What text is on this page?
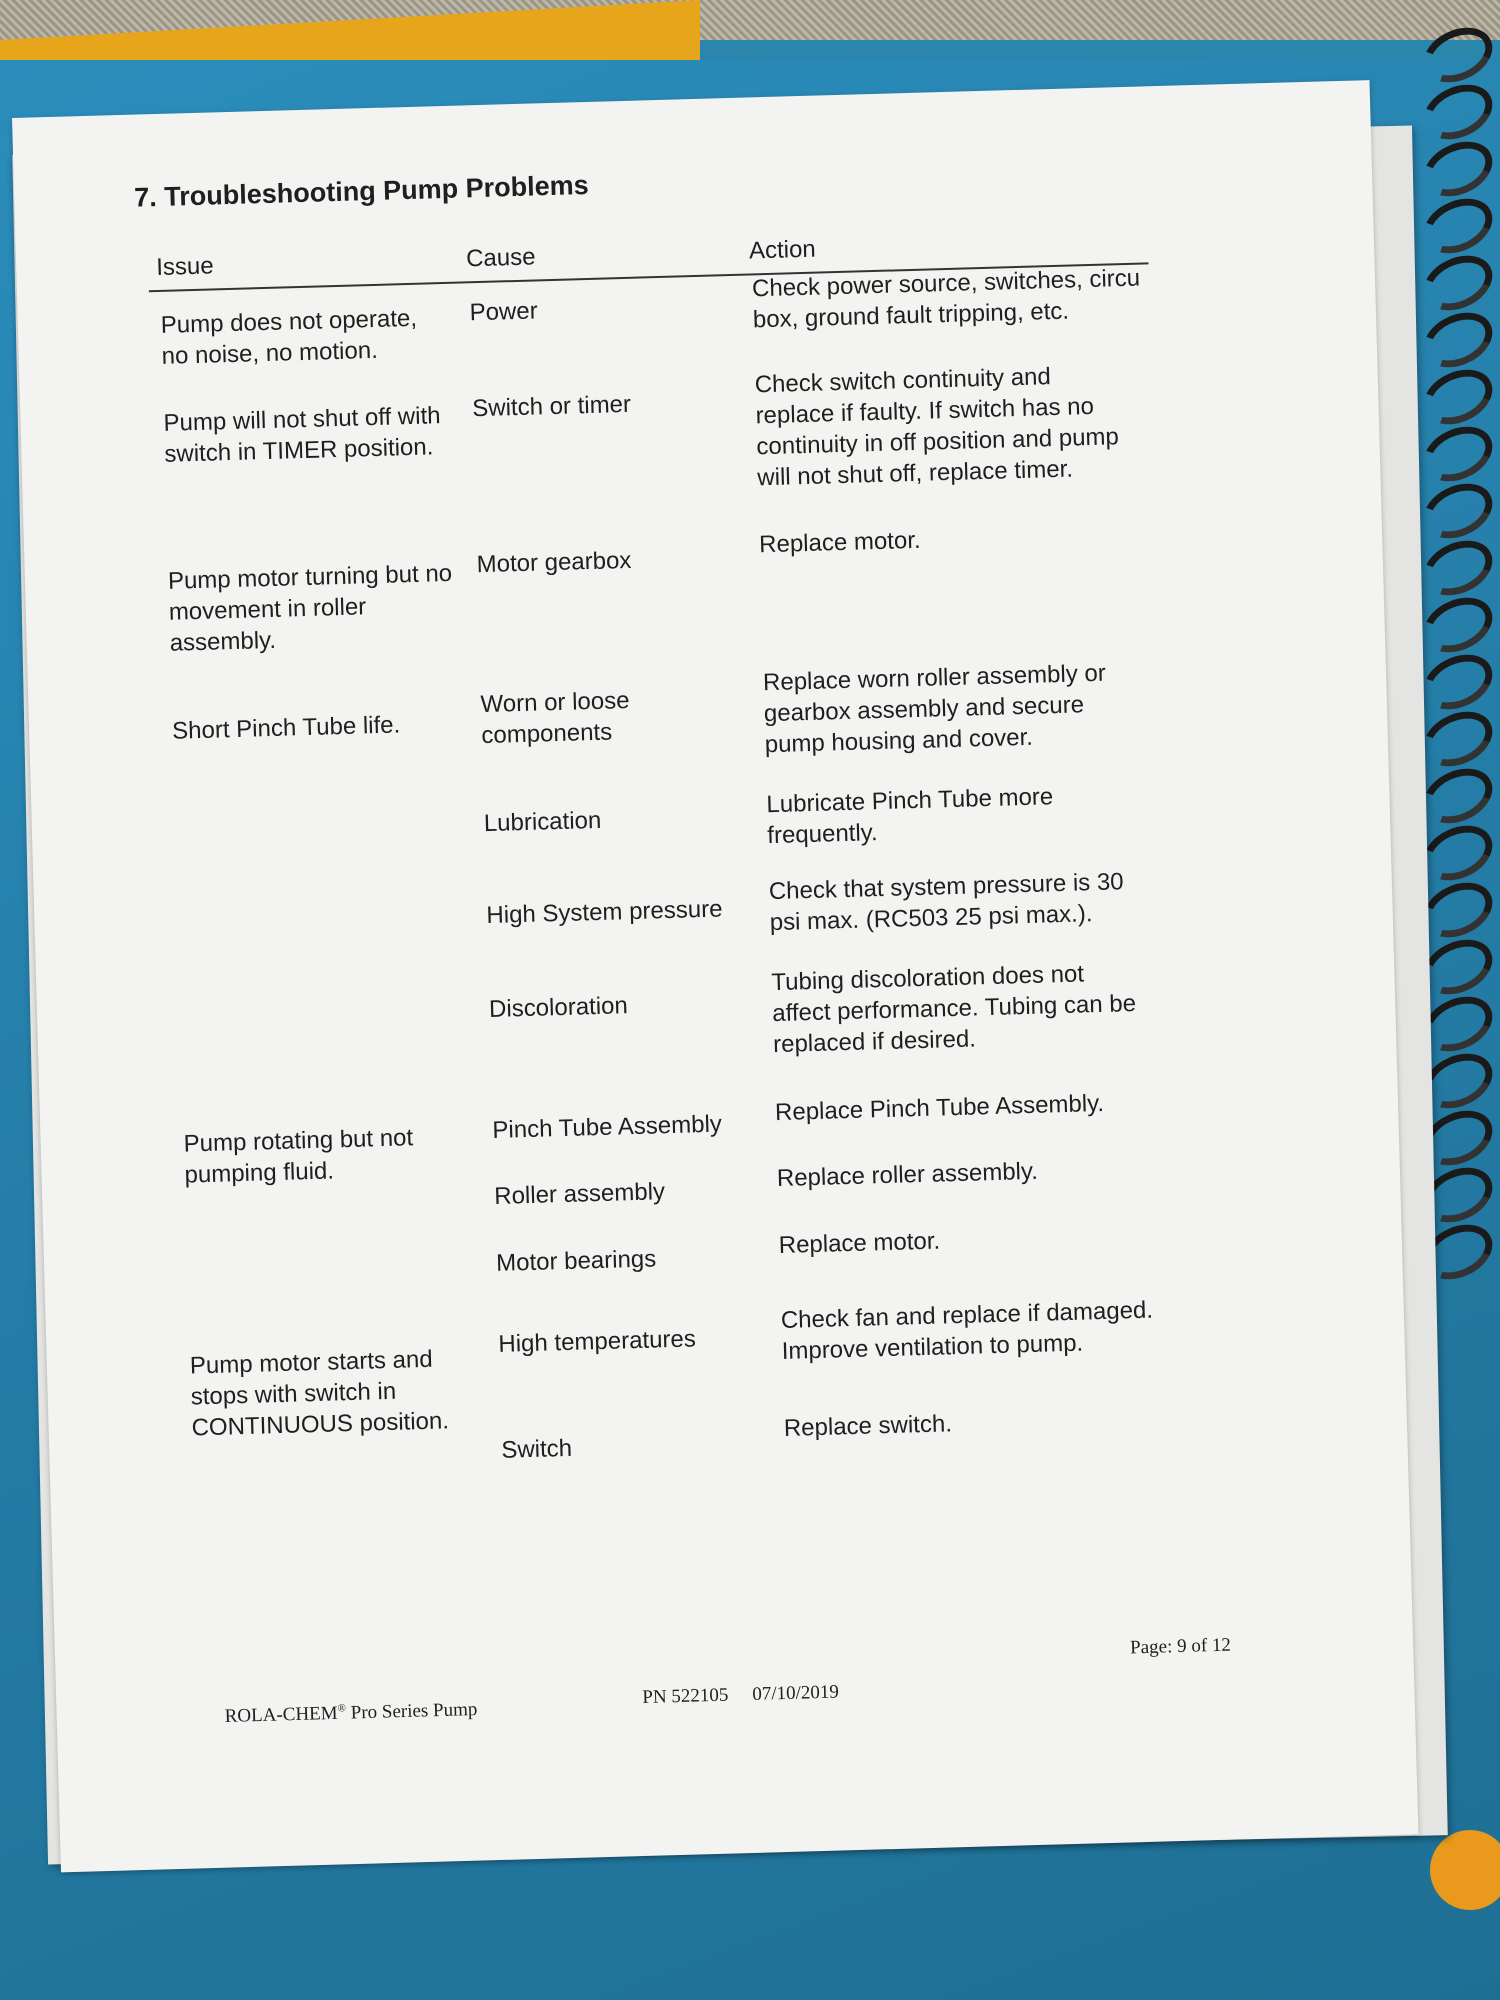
7. Troubleshooting Pump Problems
Issue	Cause	Action
Pump does not operate,
no noise, no motion.
Power
Check power source, switches, circu
box, ground fault tripping, etc.
Pump will not shut off with
switch in TIMER position.
Switch or timer
Check switch continuity and
replace if faulty. If switch has no
continuity in off position and pump
will not shut off, replace timer.
Pump motor turning but no
movement in roller
assembly.
Motor gearbox
Replace motor.
Short Pinch Tube life.
Worn or loose
components
Replace worn roller assembly or
gearbox assembly and secure
pump housing and cover.
Lubrication
Lubricate Pinch Tube more
frequently.
High System pressure
Check that system pressure is 30
psi max. (RC503 25 psi max.).
Discoloration
Tubing discoloration does not
affect performance. Tubing can be
replaced if desired.
Pump rotating but not
pumping fluid.
Pinch Tube Assembly
Replace Pinch Tube Assembly.
Roller assembly
Replace roller assembly.
Motor bearings
Replace motor.
Pump motor starts and
stops with switch in
CONTINUOUS position.
High temperatures
Check fan and replace if damaged.
Improve ventilation to pump.
Switch
Replace switch.
ROLA-CHEM® Pro Series Pump
PN 522105 07/10/2019
Page: 9 of 12
